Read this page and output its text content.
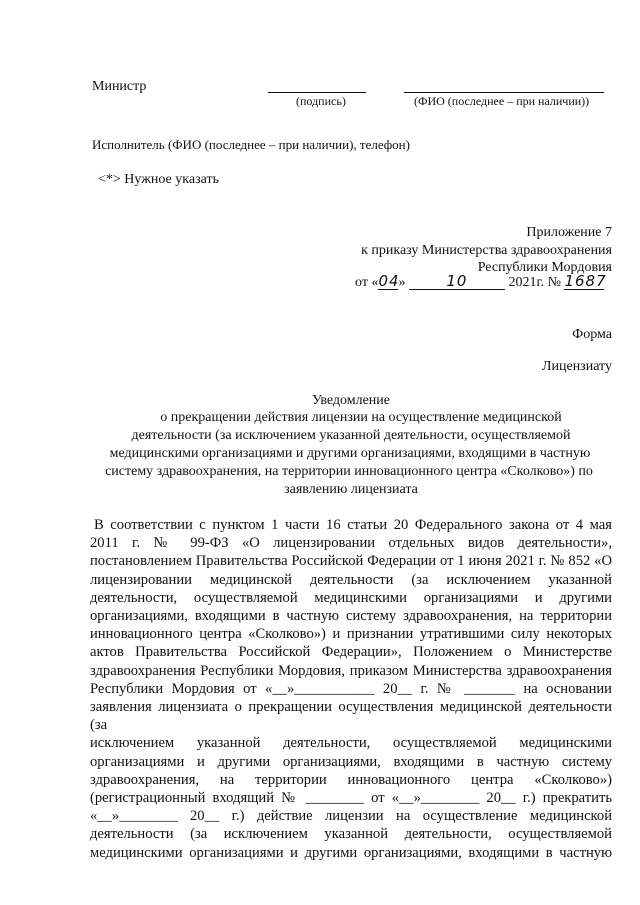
Министр
(подпись)	(ФИО (последнее – при наличии))
Исполнитель (ФИО (последнее – при наличии), телефон)
<*> Нужное указать
Приложение 7
к приказу Министерства здравоохранения
Республики Мордовия
от «04»	10	2021г. № 1687
Форма
Лицензиату
Уведомление
о прекращении действия лицензии на осуществление медицинской
деятельности (за исключением указанной деятельности, осуществляемой
медицинскими организациями и другими организациями, входящими в частную
систему здравоохранения, на территории инновационного центра «Сколково») по
заявлению лицензиата
В соответствии с пунктом 1 части 16 статьи 20 Федерального закона от 4 мая
2011 г. № 99-ФЗ «О лицензировании отдельных видов деятельности»,
постановлением Правительства Российской Федерации от 1 июня 2021 г. № 852 «О
лицензировании медицинской деятельности (за исключением указанной
деятельности, осуществляемой медицинскими организациями и другими
организациями, входящими в частную систему здравоохранения, на территории
инновационного центра «Сколково») и признании утратившими силу некоторых
актов Правительства Российской Федерации», Положением о Министерстве
здравоохранения Республики Мордовия, приказом Министерства здравоохранения
Республики Мордовия от «__»___________ 20__ г. № _______ на основании
заявления лицензиата о прекращении осуществления медицинской деятельности (за
исключением указанной деятельности, осуществляемой медицинскими
организациями и другими организациями, входящими в частную систему
здравоохранения, на территории инновационного центра «Сколково»)
(регистрационный входящий № ________ от «__»________ 20__ г.) прекратить
«__»________ 20__ г.) действие лицензии на осуществление медицинской
деятельности (за исключением указанной деятельности, осуществляемой
медицинскими организациями и другими организациями, входящими в частную
